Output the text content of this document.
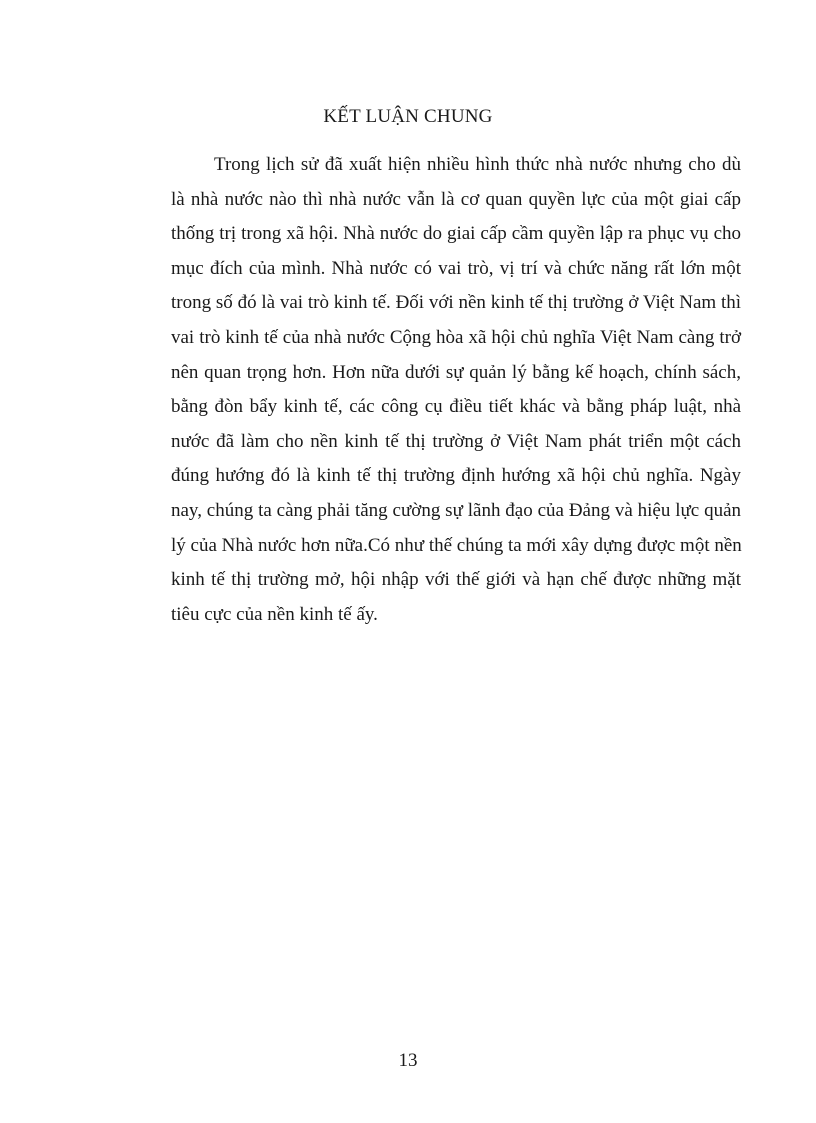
KẾT LUẬN CHUNG
Trong lịch sử đã xuất hiện nhiều hình thức nhà nước nhưng cho dù
là nhà nước nào thì nhà nước vẫn là cơ quan quyền lực của một giai cấp
thống trị trong xã hội. Nhà nước do giai cấp cầm quyền lập ra phục vụ cho
mục đích của mình. Nhà nước có vai trò, vị trí và chức năng rất lớn một
trong số đó là vai trò kinh tế. Đối với nền kinh tế thị trường ở Việt Nam thì
vai trò kinh tế của nhà nước Cộng hòa xã hội chủ nghĩa Việt Nam càng trở
nên quan trọng hơn. Hơn nữa dưới sự quản lý bằng kế hoạch, chính sách,
bằng đòn bẩy kinh tế, các công cụ điều tiết khác và bằng pháp luật, nhà
nước đã làm cho nền kinh tế thị trường ở Việt Nam phát triển một cách
đúng hướng đó là kinh tế thị trường định hướng xã hội chủ nghĩa. Ngày
nay, chúng ta càng phải tăng cường sự lãnh đạo của Đảng và hiệu lực quản
lý của Nhà nước hơn nữa.Có như thế chúng ta mới xây dựng được một nền
kinh tế thị trường mở, hội nhập với thế giới và hạn chế được những mặt
tiêu cực của nền kinh tế ấy.
13
